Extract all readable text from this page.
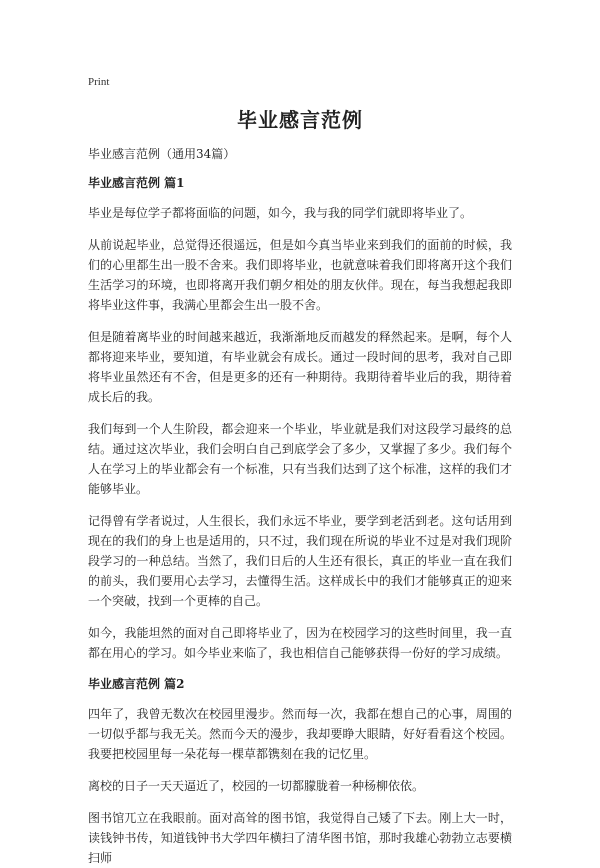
Print
毕业感言范例

毕业感言范例（通用34篇）

毕业感言范例 篇1

毕业是每位学子都将面临的问题，如今，我与我的同学们就即将毕业了。

从前说起毕业，总觉得还很遥远，但是如今真当毕业来到我们的面前的时候，我们的心里都生出一股不舍来。我们即将毕业，也就意味着我们即将离开这个我们生活学习的环境，也即将离开我们朝夕相处的朋友伙伴。现在，每当我想起我即将毕业这件事，我满心里都会生出一股不舍。

但是随着离毕业的时间越来越近，我渐渐地反而越发的释然起来。是啊，每个人都将迎来毕业，要知道，有毕业就会有成长。通过一段时间的思考，我对自己即将毕业虽然还有不舍，但是更多的还有一种期待。我期待着毕业后的我，期待着成长后的我。

我们每到一个人生阶段，都会迎来一个毕业，毕业就是我们对这段学习最终的总结。通过这次毕业，我们会明白自己到底学会了多少，又掌握了多少。我们每个人在学习上的毕业都会有一个标准，只有当我们达到了这个标准，这样的我们才能够毕业。

记得曾有学者说过，人生很长，我们永远不毕业，要学到老活到老。这句话用到现在的我们的身上也是适用的，只不过，我们现在所说的毕业不过是对我们现阶段学习的一种总结。当然了，我们日后的人生还有很长，真正的毕业一直在我们的前头，我们要用心去学习，去懂得生活。这样成长中的我们才能够真正的迎来一个突破，找到一个更棒的自己。

如今，我能坦然的面对自己即将毕业了，因为在校园学习的这些时间里，我一直都在用心的学习。如今毕业来临了，我也相信自己能够获得一份好的学习成绩。

毕业感言范例 篇2

四年了，我曾无数次在校园里漫步。然而每一次，我都在想自己的心事，周围的一切似乎都与我无关。然而今天的漫步，我却要睁大眼睛，好好看看这个校园。我要把校园里每一朵花每一棵草都镌刻在我的记忆里。

离校的日子一天天逼近了，校园的一切都朦胧着一种杨柳依依。

图书馆兀立在我眼前。面对高耸的图书馆，我觉得自己矮了下去。刚上大一时，读钱钟书传，知道钱钟书大学四年横扫了清华图书馆，那时我雄心勃勃立志要横扫师
